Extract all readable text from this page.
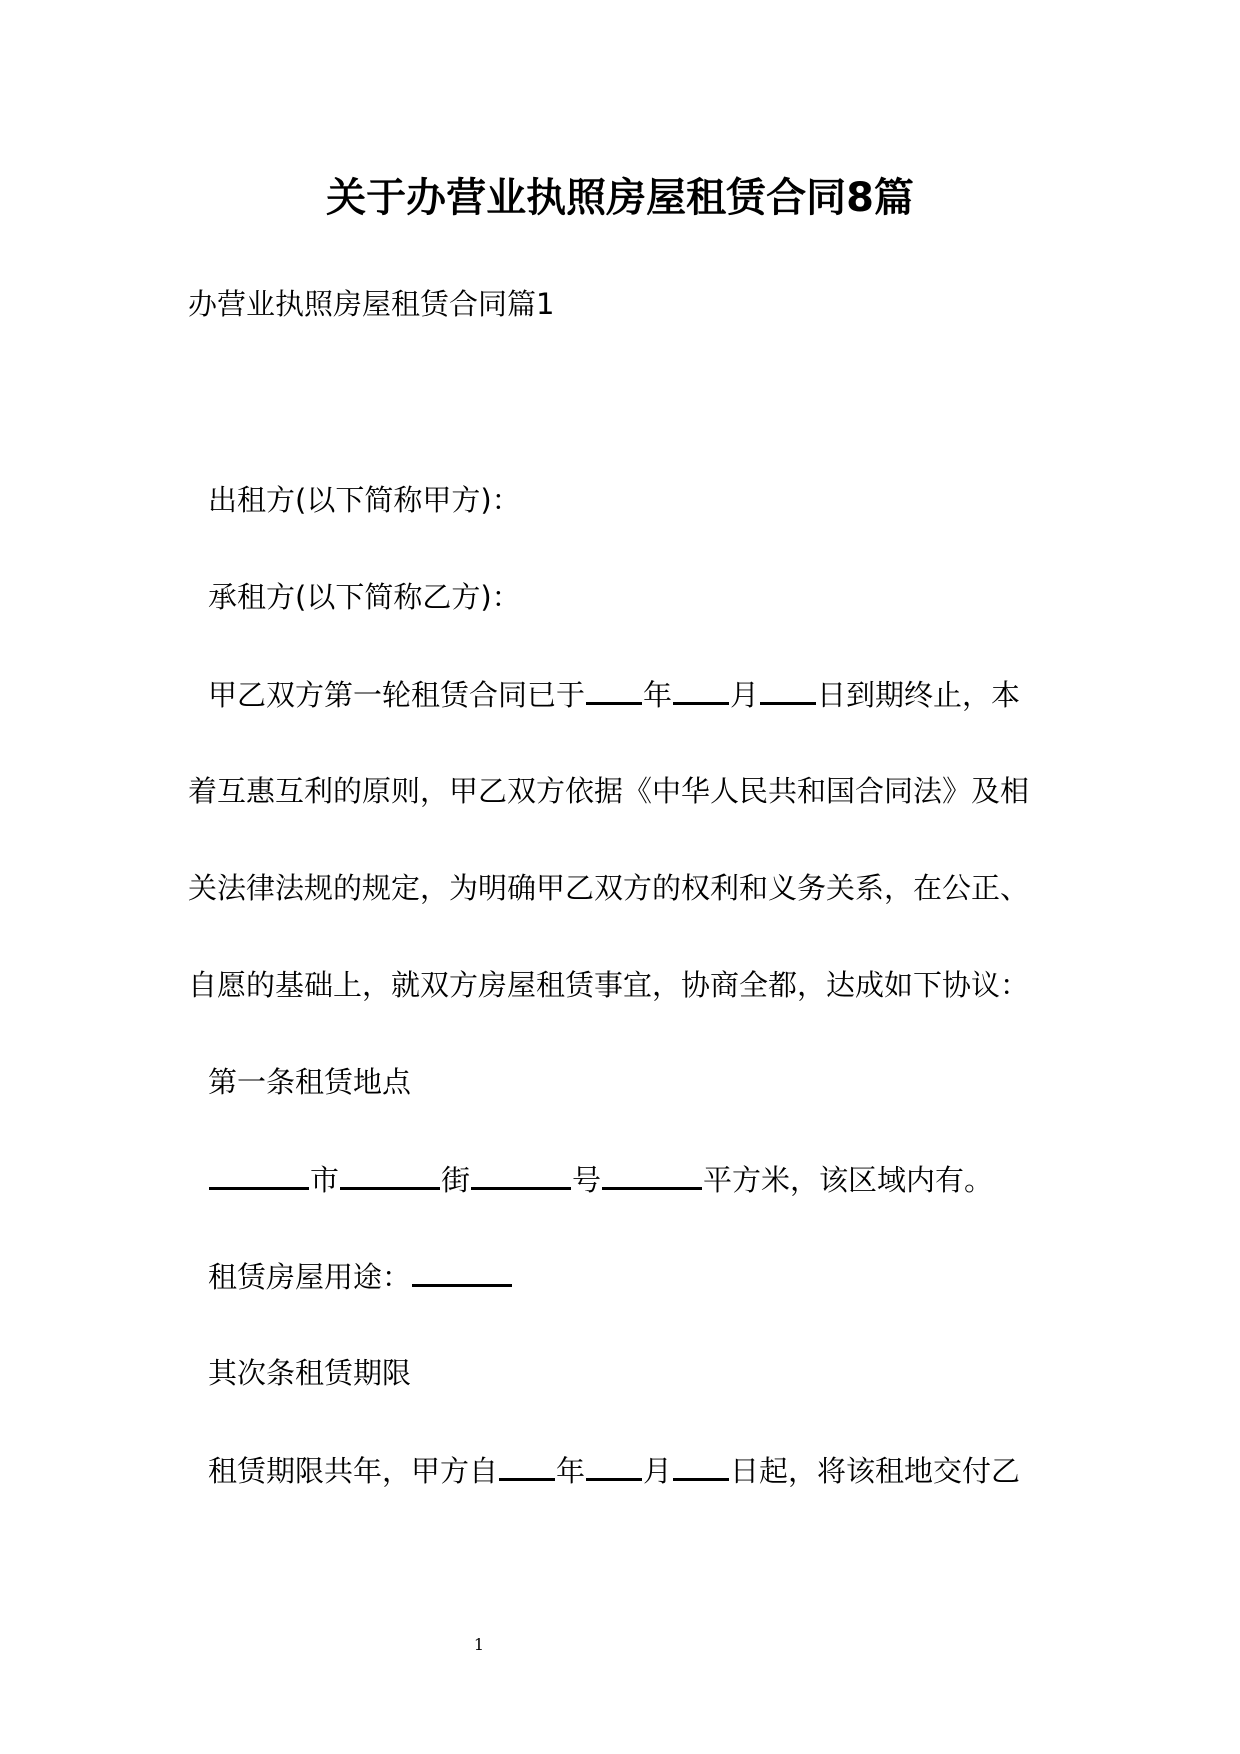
关于办营业执照房屋租赁合同8篇

办营业执照房屋租赁合同篇1

出租方(以下简称甲方)：

承租方(以下简称乙方)：

甲乙双方第一轮租赁合同已于 年 月 日到期终止，本

着互惠互利的原则，甲乙双方依据《中华人民共和国合同法》及相

关法律法规的规定，为明确甲乙双方的权利和义务关系，在公正、

自愿的基础上，就双方房屋租赁事宜，协商全都，达成如下协议：

第一条租赁地点

市	街	号	平方米，该区域内有。

租赁房屋用途：

其次条租赁期限

租赁期限共年，甲方自 年 月 日起，将该租地交付乙

1
